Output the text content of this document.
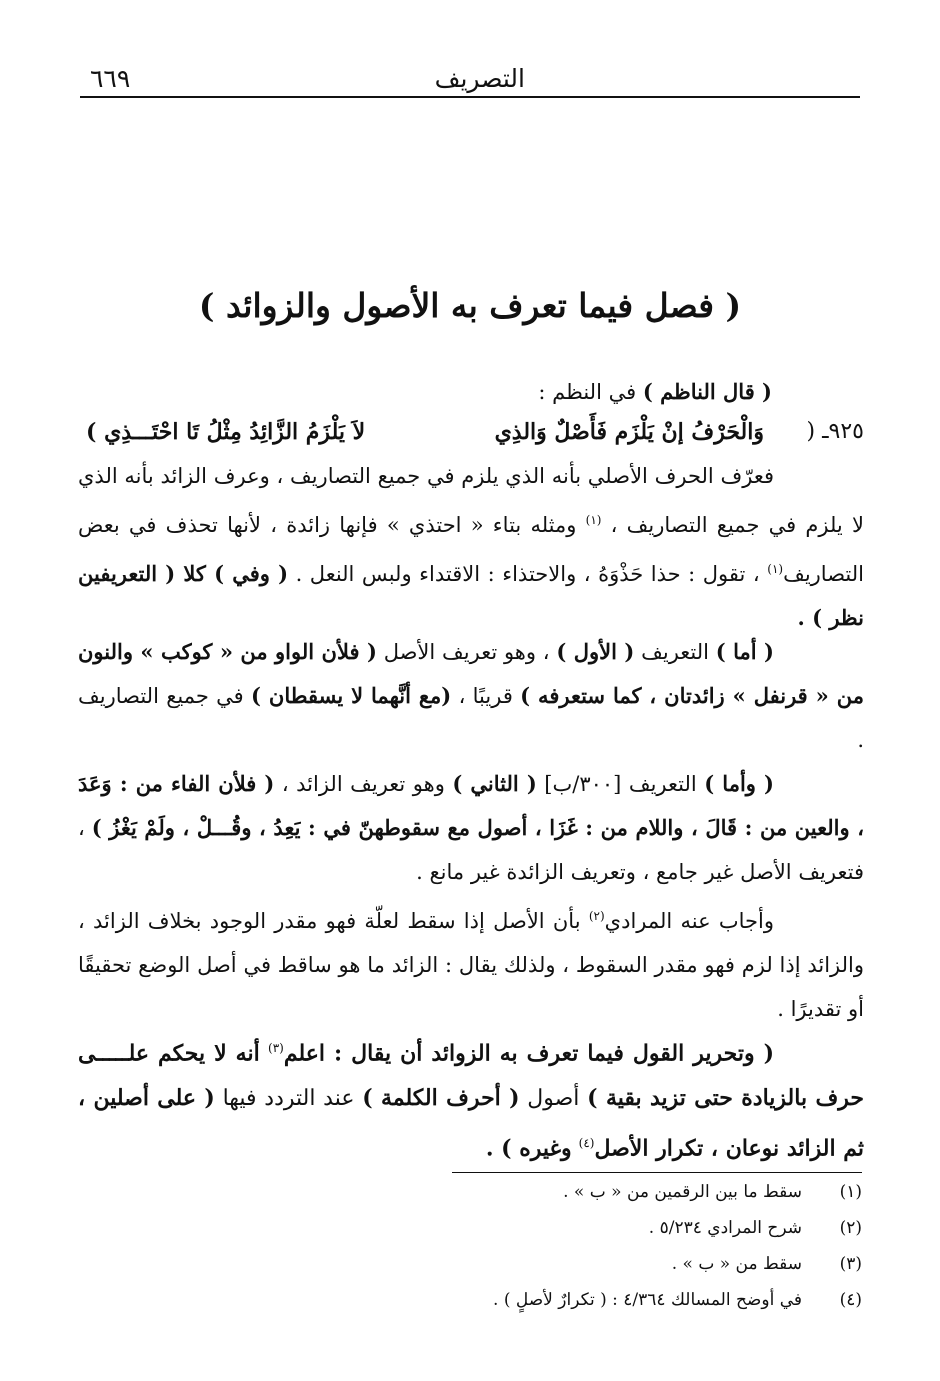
التصريف
٦٦٩
( فصل فيما تعرف به الأصول والزوائد )
( قال الناظم ) في النظم :
٩٢٥ـ (
وَالْحَرْفُ إنْ يَلْزَم فَأَصْلٌ وَالذِي
لاَ يَلْزَمُ الزَّائِدُ مِثْلُ تَا احْتَـــذِي )

فعرّف الحرف الأصلي بأنه الذي يلزم في جميع التصاريف ، وعرف الزائد بأنه الذي لا يلزم في جميع التصاريف ، $^{(١)}$ ومثله بتاء « احتذي » فإنها زائدة ، لأنها تحذف في بعض التصاريف$^{(١)}$ ، تقول : حذا حَذْوَهُ ، والاحتذاء : الاقتداء ولبس النعل . ( وفي ) كلا ( التعريفين نظر ) .

( أما ) التعريف ( الأول ) ، وهو تعريف الأصل ( فلأن الواو من « كوكب » والنون من « قرنفل » زائدتان ، كما ستعرفه ) قريبًا ، (مع أنَّهما لا يسقطان ) في جميع التصاريف .

( وأما ) التعريف [٣٠٠/ب] ( الثاني ) وهو تعريف الزائد ، ( فلأن الفاء من : وَعَدَ ، والعين من : قَالَ ، واللام من : غَزَا ، أصول مع سقوطهنّ في : يَعِدُ ، وقُـــلْ ، ولَمْ يَغْزُ ) ، فتعريف الأصل غير جامع ، وتعريف الزائدة غير مانع .

وأجاب عنه المرادي$^{(٢)}$ بأن الأصل إذا سقط لعلّة فهو مقدر الوجود بخلاف الزائد ، والزائد إذا لزم فهو مقدر السقوط ، ولذلك يقال : الزائد ما هو ساقط في أصل الوضع تحقيقًا أو تقديرًا .

( وتحرير القول فيما تعرف به الزوائد أن يقال : اعلم$^{(٣)}$ أنه لا يحكم علـــــى حرف بالزيادة حتى تزيد بقية ) أصول ( أحرف الكلمة ) عند التردد فيها ( على أصلين ، ثم الزائد نوعان ، تكرار الأصل$^{(٤)}$ وغيره ) .

(١)
سقط ما بين الرقمين من « ب » .
(٢)
شرح المرادي ٥/٢٣٤ .
(٣)
سقط من « ب » .
(٤)
في أوضح المسالك ٤/٣٦٤ : ( تكرارٌ لأصلٍ ) .
